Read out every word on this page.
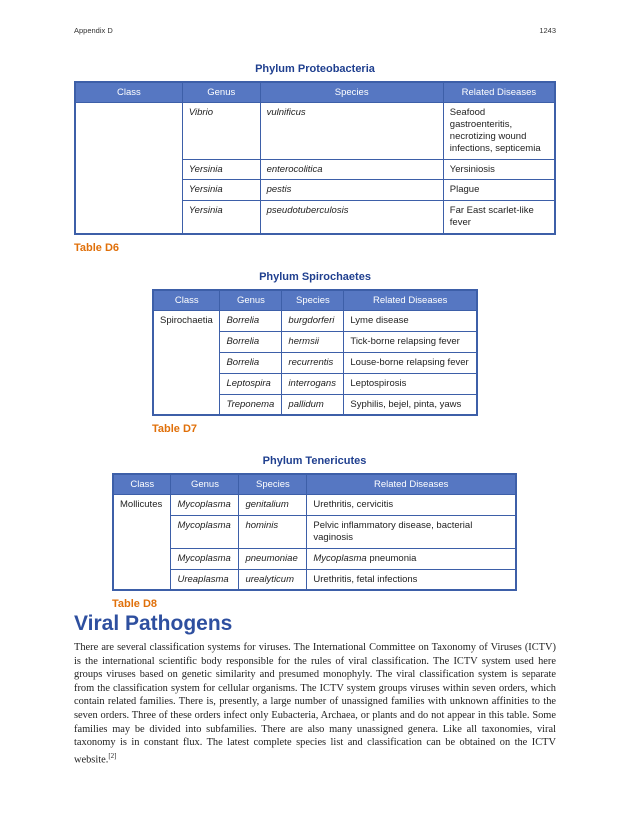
Appendix D	1243
Phylum Proteobacteria
Class	Genus	Species	Related Diseases
	Vibrio	vulnificus	Seafood gastroenteritis, necrotizing wound infections, septicemia
	Yersinia	enterocolitica	Yersiniosis
	Yersinia	pestis	Plague
	Yersinia	pseudotuberculosis	Far East scarlet-like fever
Table D6
Phylum Spirochaetes
Class	Genus	Species	Related Diseases
Spirochaetia	Borrelia	burgdorferi	Lyme disease
	Borrelia	hermsii	Tick-borne relapsing fever
	Borrelia	recurrentis	Louse-borne relapsing fever
	Leptospira	interrogans	Leptospirosis
	Treponema	pallidum	Syphilis, bejel, pinta, yaws
Table D7
Phylum Tenericutes
Class	Genus	Species	Related Diseases
Mollicutes	Mycoplasma	genitalium	Urethritis, cervicitis
	Mycoplasma	hominis	Pelvic inflammatory disease, bacterial vaginosis
	Mycoplasma	pneumoniae	Mycoplasma pneumonia
	Ureaplasma	urealyticum	Urethritis, fetal infections
Table D8
Viral Pathogens

There are several classification systems for viruses. The International Committee on Taxonomy of Viruses (ICTV) is the international scientific body responsible for the rules of viral classification. The ICTV system used here groups viruses based on genetic similarity and presumed monophyly. The viral classification system is separate from the classification system for cellular organisms. The ICTV system groups viruses within seven orders, which contain related families. There is, presently, a large number of unassigned families with unknown affinities to the seven orders. Three of these orders infect only Eubacteria, Archaea, or plants and do not appear in this table. Some families may be divided into subfamilies. There are also many unassigned genera. Like all taxonomies, viral taxonomy is in constant flux. The latest complete species list and classification can be obtained on the ICTV website.[2]
